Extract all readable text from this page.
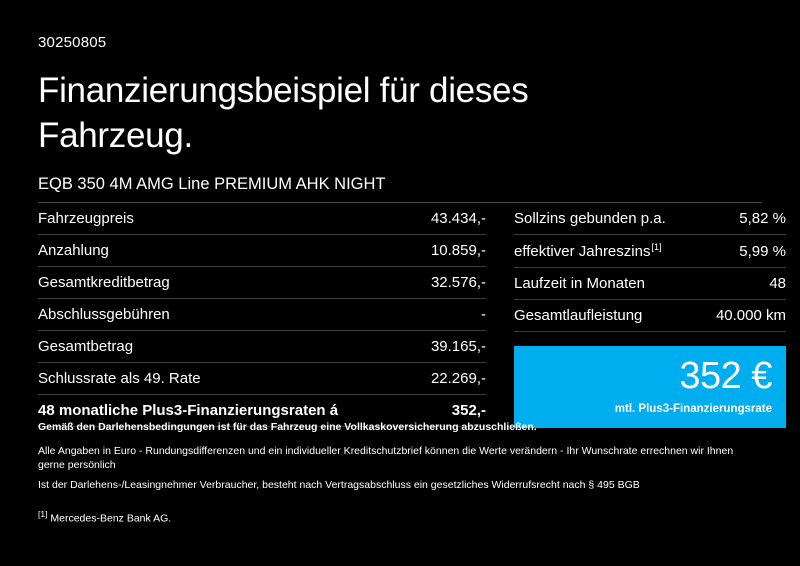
30250805
Finanzierungsbeispiel für dieses Fahrzeug.
EQB 350 4M AMG Line PREMIUM AHK NIGHT
Fahrzeugpreis	43.434,-
Anzahlung	10.859,-
Gesamtkreditbetrag	32.576,-
Abschlussgebühren	-
Gesamtbetrag	39.165,-
Schlussrate als 49. Rate	22.269,-
48 monatliche Plus3-Finanzierungsraten á	352,-
Sollzins gebunden p.a.	5,82 %
effektiver Jahreszins[1]	5,99 %
Laufzeit in Monaten	48
Gesamtlaufleistung	40.000 km
352 €
mtl. Plus3-Finanzierungsrate
Gemäß den Darlehensbedingungen ist für das Fahrzeug eine Vollkaskoversicherung abzuschließen.
Alle Angaben in Euro - Rundungsdifferenzen und ein individueller Kreditschutzbrief können die Werte verändern - Ihr Wunschrate errechnen wir Ihnen gerne persönlich
Ist der Darlehens-/Leasingnehmer Verbraucher, besteht nach Vertragsabschluss ein gesetzliches Widerrufsrecht nach § 495 BGB
[1] Mercedes-Benz Bank AG.
